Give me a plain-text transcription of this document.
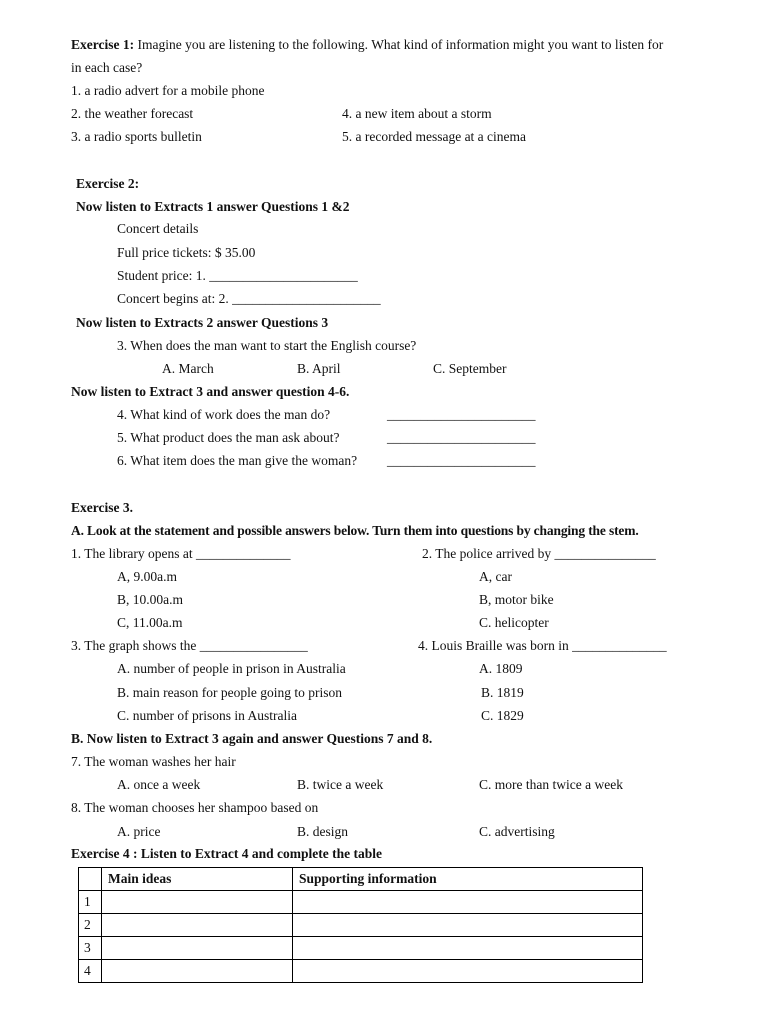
Exercise 1: Imagine you are listening to the following. What kind of information might you want to listen for
in each case?
1. a radio advert for a mobile phone
2. the weather forecast
3. a radio sports bulletin
4. a new item about a storm
5. a recorded message at a cinema
Exercise 2:
Now listen to Extracts 1 answer Questions 1 &2
Concert details
Full price tickets: $ 35.00
Student price: 1. ______________________
Concert begins at: 2. ______________________
Now listen to Extracts 2 answer Questions 3
3. When does the man want to start the English course?
A. March	B. April	C. September
Now listen to Extract 3 and answer question 4-6.
4. What kind of work does the man do?	______________________
5. What product does the man ask about?	______________________
6. What item does the man give the woman? ______________________
Exercise 3.
A. Look at the statement and possible answers below. Turn them into questions by changing the stem.
1. The library opens at ______________
A, 9.00a.m
B, 10.00a.m
C, 11.00a.m
2. The police arrived by _______________
A, car
B, motor bike
C. helicopter
3. The graph shows the ________________
A. number of people in prison in Australia
B. main reason for people going to prison
C. number of prisons in Australia
4. Louis Braille was born in ______________
A. 1809
B. 1819
C. 1829
B. Now listen to Extract 3 again and answer Questions 7 and 8.
7. The woman washes her hair
A. once a week	B. twice a week	C. more than twice a week
8. The woman chooses her shampoo based on
A. price	B. design	C. advertising
Exercise 4 : Listen to Extract 4 and complete the table
	Main ideas	Supporting information
1		
2		
3		
4		
